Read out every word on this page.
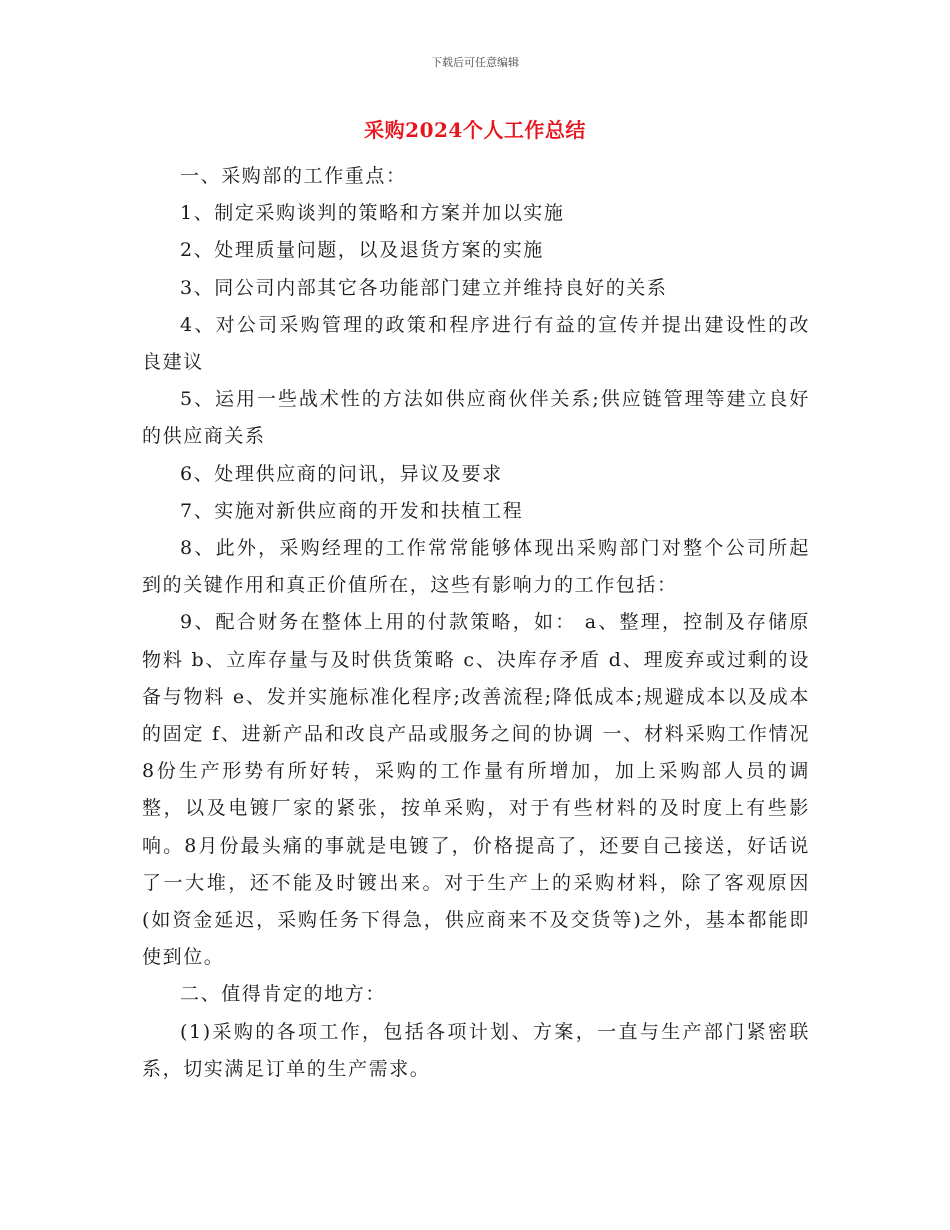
下载后可任意编辑
采购2024个人工作总结

一、采购部的工作重点：

1、制定采购谈判的策略和方案并加以实施

2、处理质量问题，以及退货方案的实施

3、同公司内部其它各功能部门建立并维持良好的关系

4、对公司采购管理的政策和程序进行有益的宣传并提出建设性的改良建议

5、运用一些战术性的方法如供应商伙伴关系;供应链管理等建立良好的供应商关系

6、处理供应商的问讯，异议及要求

7、实施对新供应商的开发和扶植工程

8、此外，采购经理的工作常常能够体现出采购部门对整个公司所起到的关键作用和真正价值所在，这些有影响力的工作包括：

9、配合财务在整体上用的付款策略，如： a、整理，控制及存储原物料 b、立库存量与及时供货策略 c、决库存矛盾 d、理废弃或过剩的设备与物料 e、发并实施标准化程序;改善流程;降低成本;规避成本以及成本的固定 f、进新产品和改良产品或服务之间的协调 一、材料采购工作情况 8份生产形势有所好转，采购的工作量有所增加，加上采购部人员的调整，以及电镀厂家的紧张，按单采购，对于有些材料的及时度上有些影响。8月份最头痛的事就是电镀了，价格提高了，还要自己接送，好话说了一大堆，还不能及时镀出来。对于生产上的采购材料，除了客观原因(如资金延迟，采购任务下得急，供应商来不及交货等)之外，基本都能即使到位。

二、值得肯定的地方：

(1)采购的各项工作，包括各项计划、方案，一直与生产部门紧密联系，切实满足订单的生产需求。
